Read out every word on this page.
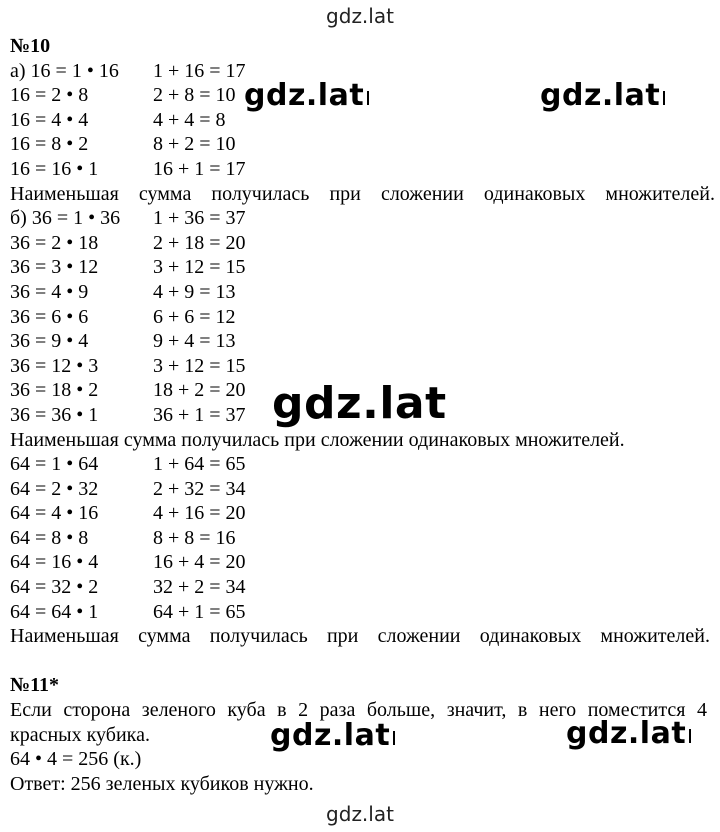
gdz.lat
№10
а) 16 = 1 • 16	1 + 16 = 17
16 = 2 • 8	2 + 8 = 10
16 = 4 • 4	4 + 4 = 8
16 = 8 • 2	8 + 2 = 10
16 = 16 • 1	16 + 1 = 17
Наименьшая сумма получилась при сложении одинаковых множителей.
б) 36 = 1 • 36	1 + 36 = 37
36 = 2 • 18	2 + 18 = 20
36 = 3 • 12	3 + 12 = 15
36 = 4 • 9	4 + 9 = 13
36 = 6 • 6	6 + 6 = 12
36 = 9 • 4	9 + 4 = 13
36 = 12 • 3	3 + 12 = 15
36 = 18 • 2	18 + 2 = 20
36 = 36 • 1	36 + 1 = 37
Наименьшая сумма получилась при сложении одинаковых множителей.
64 = 1 • 64	1 + 64 = 65
64 = 2 • 32	2 + 32 = 34
64 = 4 • 16	4 + 16 = 20
64 = 8 • 8	8 + 8 = 16
64 = 16 • 4	16 + 4 = 20
64 = 32 • 2	32 + 2 = 34
64 = 64 • 1	64 + 1 = 65
Наименьшая сумма получилась при сложении одинаковых множителей.
№11*
Если сторона зеленого куба в 2 раза больше, значит, в него поместится 4
красных кубика.
64 • 4 = 256 (к.)
Ответ: 256 зеленых кубиков нужно.
gdz.lat	gdz.lat
gdz.lat
gdz.lat	gdz.lat
gdz.lat
